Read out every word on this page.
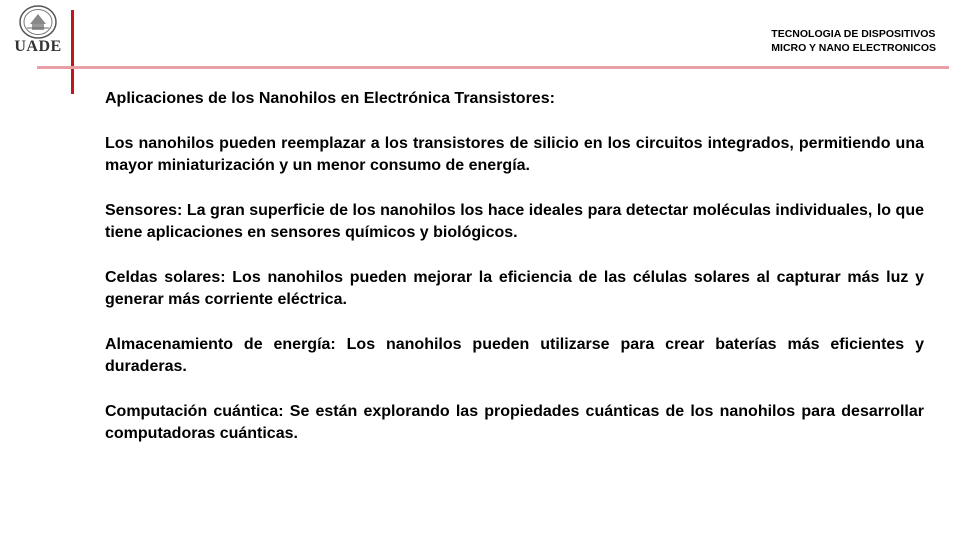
UADE
TECNOLOGIA DE DISPOSITIVOS
MICRO Y NANO ELECTRONICOS
Aplicaciones de los Nanohilos en Electrónica Transistores:

Los nanohilos pueden reemplazar a los transistores de silicio en los circuitos integrados, permitiendo una mayor miniaturización y un menor consumo de energía.

Sensores: La gran superficie de los nanohilos los hace ideales para detectar moléculas individuales, lo que tiene aplicaciones en sensores químicos y biológicos.

Celdas solares: Los nanohilos pueden mejorar la eficiencia de las células solares al capturar más luz y generar más corriente eléctrica.

Almacenamiento de energía: Los nanohilos pueden utilizarse para crear baterías más eficientes y duraderas.

Computación cuántica: Se están explorando las propiedades cuánticas de los nanohilos para desarrollar computadoras cuánticas.
